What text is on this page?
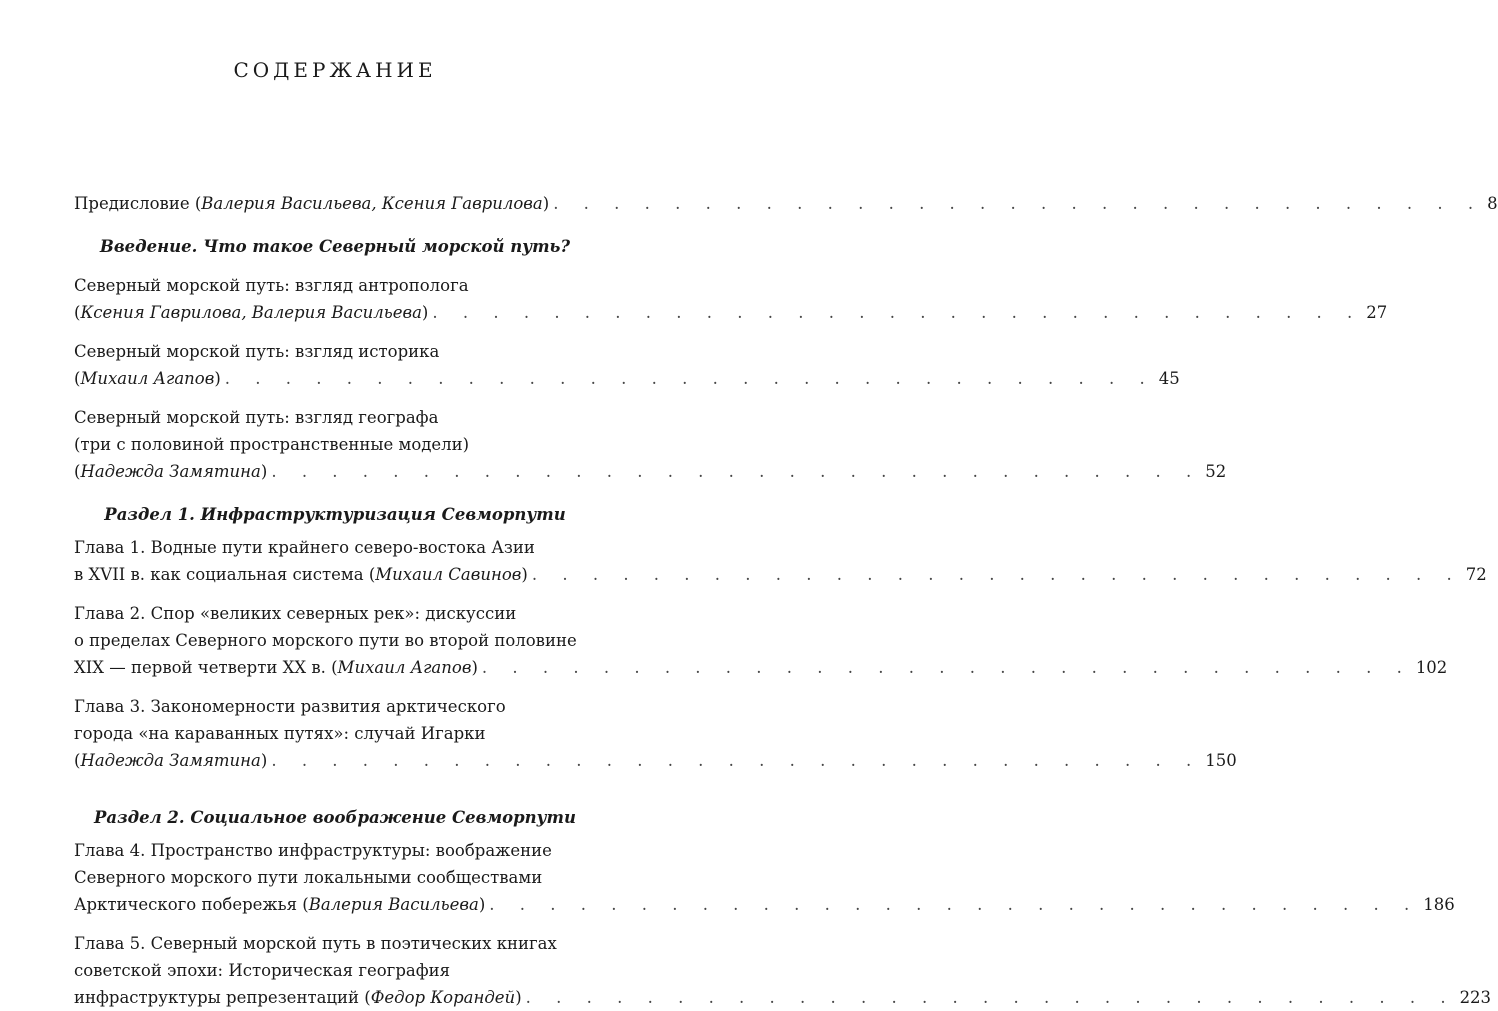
СОДЕРЖАНИЕ
Предисловие (Валерия Васильева, Ксения Гаврилова) . . . . . . . . . . . . . . . . . . . . . . . . . . . . . . . 8
Введение. Что такое Северный морской путь?
Северный морской путь: взгляд антрополога
(Ксения Гаврилова, Валерия Васильева) . . . . . . . . . . . . . . . . . . . . . . . . . . . . . . . 27
Северный морской путь: взгляд историка
(Михаил Агапов) . . . . . . . . . . . . . . . . . . . . . . . . . . . . . . . 45
Северный морской путь: взгляд географа
(три с половиной пространственные модели)
(Надежда Замятина) . . . . . . . . . . . . . . . . . . . . . . . . . . . . . . . 52
Раздел 1. Инфраструктуризация Севморпути
Глава 1. Водные пути крайнего северо-востока Азии
в XVII в. как социальная система (Михаил Савинов) . . . . . . . . . . . . . . . . . . . . . . . . . . . . . . . 72
Глава 2. Спор «великих северных рек»: дискуссии
о пределах Северного морского пути во второй половине
XIX — первой четверти XX в. (Михаил Агапов) . . . . . . . . . . . . . . . . . . . . . . . . . . . . . . . 102
Глава 3. Закономерности развития арктического
города «на караванных путях»: случай Игарки
(Надежда Замятина) . . . . . . . . . . . . . . . . . . . . . . . . . . . . . . . 150
Раздел 2. Социальное воображение Севморпути
Глава 4. Пространство инфраструктуры: воображение
Северного морского пути локальными сообществами
Арктического побережья (Валерия Васильева) . . . . . . . . . . . . . . . . . . . . . . . . . . . . . . . 186
Глава 5. Северный морской путь в поэтических книгах
советской эпохи: Историческая география
инфраструктуры репрезентаций (Федор Корандей) . . . . . . . . . . . . . . . . . . . . . . . . . . . . . . . 223
